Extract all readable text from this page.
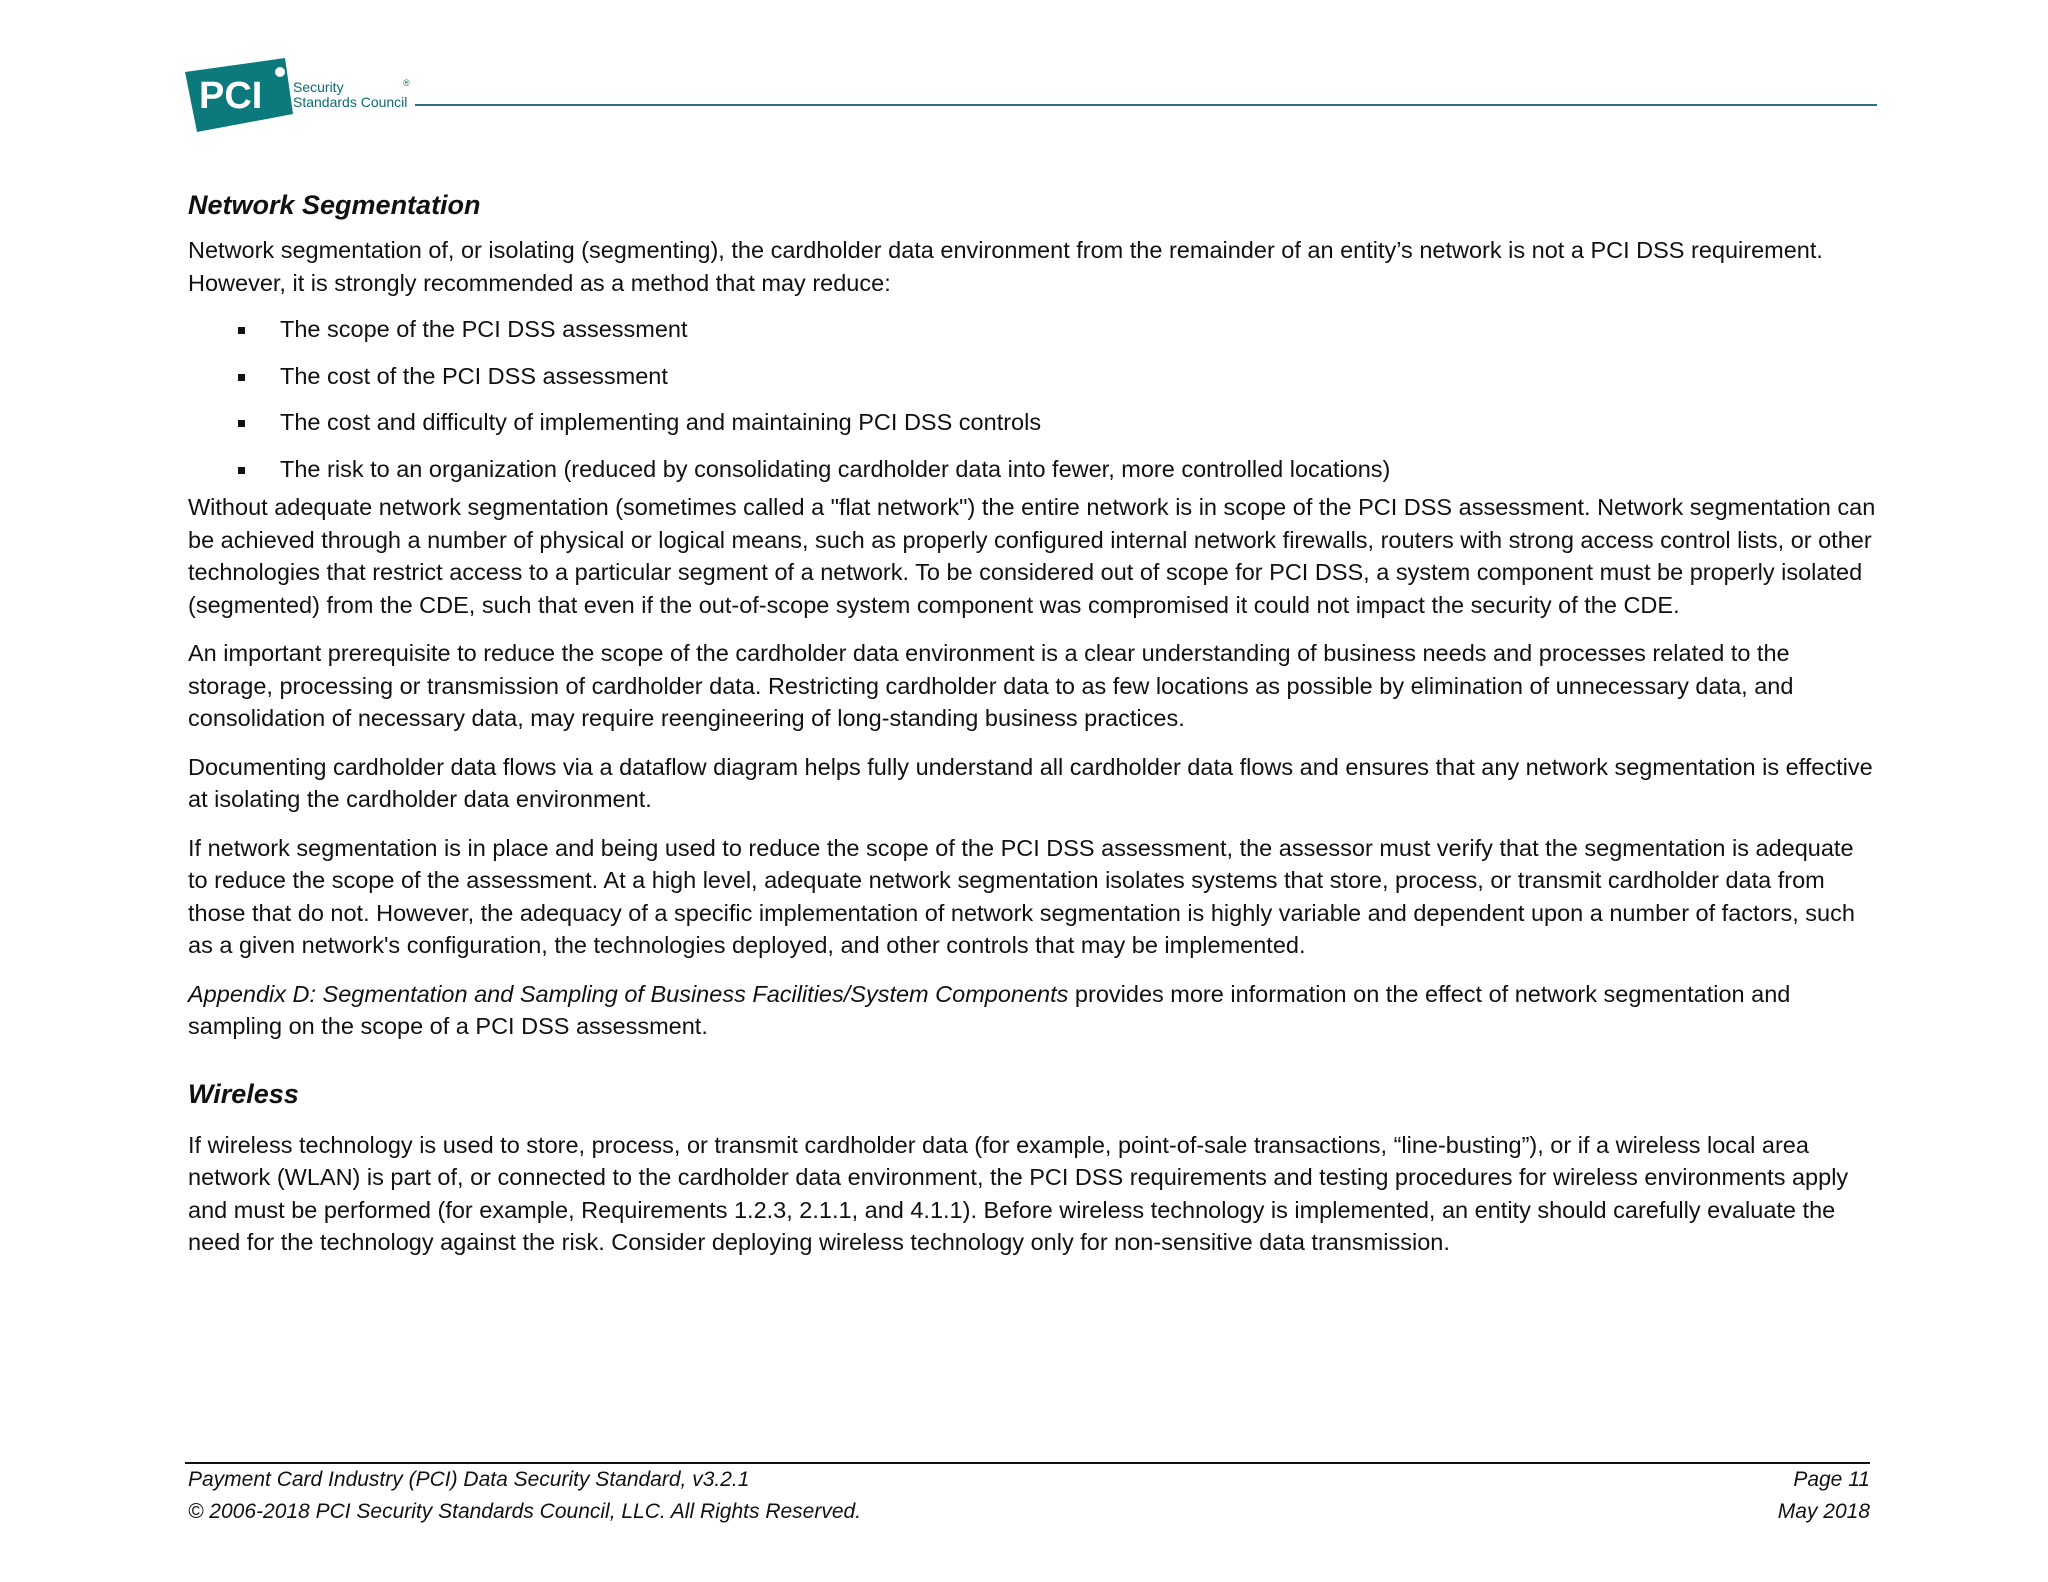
PCI Security
Standards Council
®
Network Segmentation

Network segmentation of, or isolating (segmenting), the cardholder data environment from the remainder of an entity’s network is not a PCI DSS requirement. However, it is strongly recommended as a method that may reduce:

The scope of the PCI DSS assessment
The cost of the PCI DSS assessment
The cost and difficulty of implementing and maintaining PCI DSS controls
The risk to an organization (reduced by consolidating cardholder data into fewer, more controlled locations)

Without adequate network segmentation (sometimes called a "flat network") the entire network is in scope of the PCI DSS assessment. Network segmentation can be achieved through a number of physical or logical means, such as properly configured internal network firewalls, routers with strong access control lists, or other technologies that restrict access to a particular segment of a network. To be considered out of scope for PCI DSS, a system component must be properly isolated (segmented) from the CDE, such that even if the out-of-scope system component was compromised it could not impact the security of the CDE.

An important prerequisite to reduce the scope of the cardholder data environment is a clear understanding of business needs and processes related to the storage, processing or transmission of cardholder data. Restricting cardholder data to as few locations as possible by elimination of unnecessary data, and consolidation of necessary data, may require reengineering of long-standing business practices.

Documenting cardholder data flows via a dataflow diagram helps fully understand all cardholder data flows and ensures that any network segmentation is effective at isolating the cardholder data environment.

If network segmentation is in place and being used to reduce the scope of the PCI DSS assessment, the assessor must verify that the segmentation is adequate to reduce the scope of the assessment. At a high level, adequate network segmentation isolates systems that store, process, or transmit cardholder data from those that do not. However, the adequacy of a specific implementation of network segmentation is highly variable and dependent upon a number of factors, such as a given network's configuration, the technologies deployed, and other controls that may be implemented.

Appendix D: Segmentation and Sampling of Business Facilities/System Components provides more information on the effect of network segmentation and sampling on the scope of a PCI DSS assessment.

Wireless

If wireless technology is used to store, process, or transmit cardholder data (for example, point-of-sale transactions, “line-busting”), or if a wireless local area network (WLAN) is part of, or connected to the cardholder data environment, the PCI DSS requirements and testing procedures for wireless environments apply and must be performed (for example, Requirements 1.2.3, 2.1.1, and 4.1.1). Before wireless technology is implemented, an entity should carefully evaluate the need for the technology against the risk. Consider deploying wireless technology only for non-sensitive data transmission.

Payment Card Industry (PCI) Data Security Standard, v3.2.1	Page 11
© 2006-2018 PCI Security Standards Council, LLC. All Rights Reserved.	May 2018
